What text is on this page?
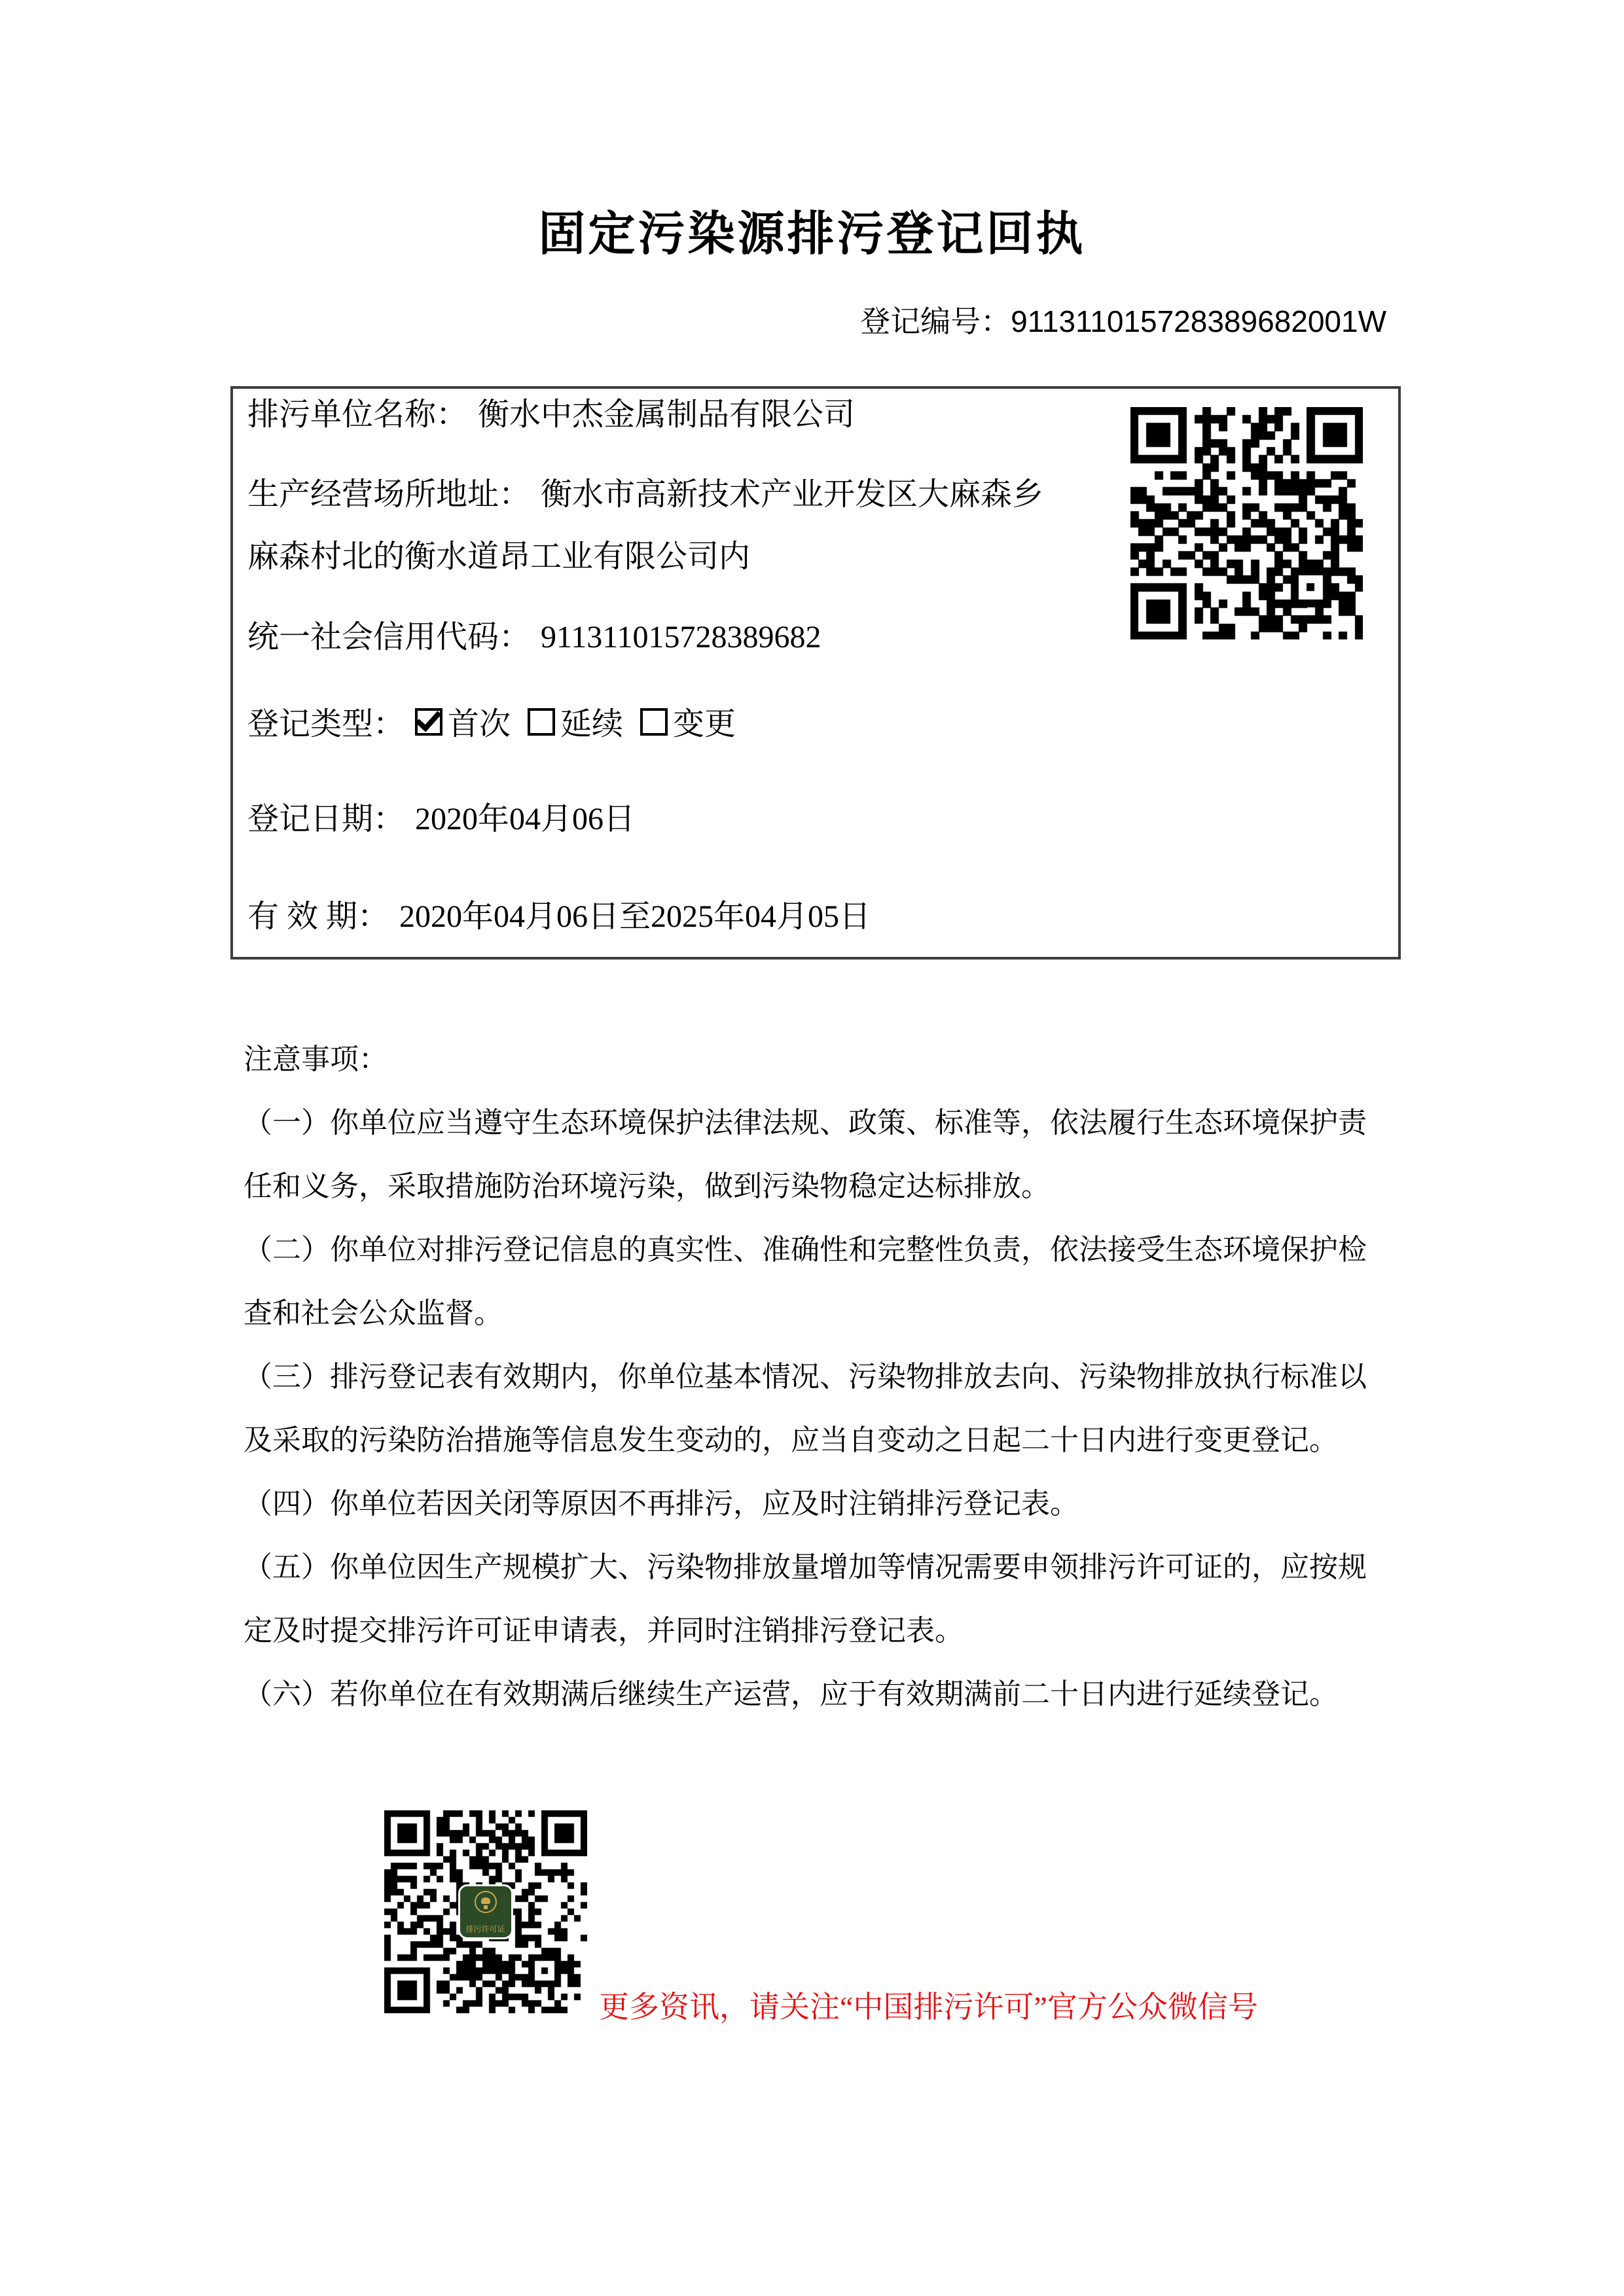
固定污染源排污登记回执
登记编号：911311015728389682001W
排污单位名称： 衡水中杰金属制品有限公司
生产经营场所地址： 衡水市高新技术产业开发区大麻森乡
麻森村北的衡水道昂工业有限公司内
统一社会信用代码： 911311015728389682
登记类型： 首次 延续 变更
登记日期： 2020年04月06日
有 效 期： 2020年04月06日至2025年04月05日
注意事项：
（一）你单位应当遵守生态环境保护法律法规、政策、标准等，依法履行生态环境保护责
任和义务，采取措施防治环境污染，做到污染物稳定达标排放。
（二）你单位对排污登记信息的真实性、准确性和完整性负责，依法接受生态环境保护检
查和社会公众监督。
（三）排污登记表有效期内，你单位基本情况、污染物排放去向、污染物排放执行标准以
及采取的污染防治措施等信息发生变动的，应当自变动之日起二十日内进行变更登记。
（四）你单位若因关闭等原因不再排污，应及时注销排污登记表。
（五）你单位因生产规模扩大、污染物排放量增加等情况需要申领排污许可证的，应按规
定及时提交排污许可证申请表，并同时注销排污登记表。
（六）若你单位在有效期满后继续生产运营，应于有效期满前二十日内进行延续登记。
排污许可证
更多资讯，请关注“中国排污许可”官方公众微信号
